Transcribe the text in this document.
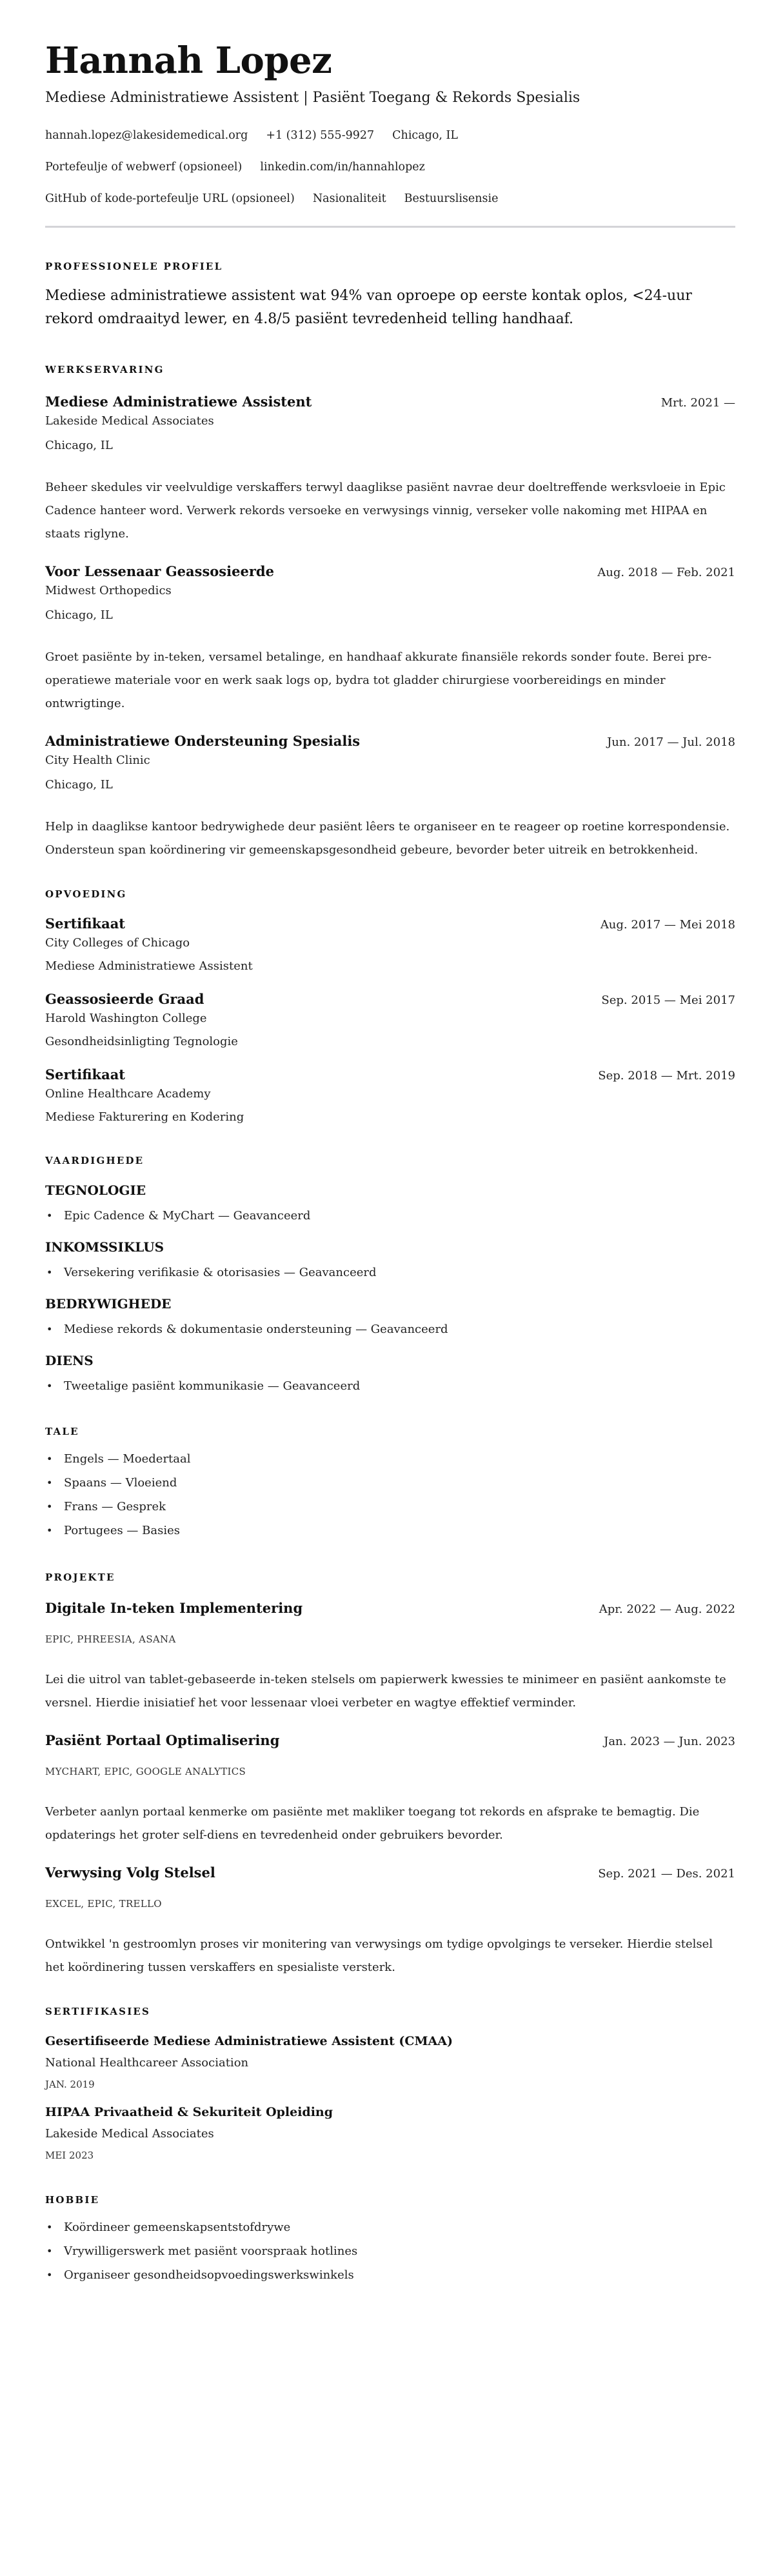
Hannah Lopez
Mediese Administratiewe Assistent | Pasiënt Toegang & Rekords Spesialis
hannah.lopez@lakesidemedical.org +1 (312) 555-9927 Chicago, IL
Portefeulje of webwerf (opsioneel) linkedin.com/in/hannahlopez
GitHub of kode-portefeulje URL (opsioneel) Nasionaliteit Bestuurslisensie
PROFESSIONELE PROFIEL

Mediese administratiewe assistent wat 94% van oproepe op eerste kontak oplos, <24-uur rekord omdraaityd lewer, en 4.8/5 pasiënt tevredenheid telling handhaaf.

WERKSERVARING
Mediese Administratiewe Assistent	Mrt. 2021 —
Lakeside Medical Associates
Chicago, IL

Beheer skedules vir veelvuldige verskaffers terwyl daaglikse pasiënt navrae deur doeltreffende werksvloeie in Epic Cadence hanteer word. Verwerk rekords versoeke en verwysings vinnig, verseker volle nakoming met HIPAA en staats riglyne.

Voor Lessenaar Geassosieerde	Aug. 2018 — Feb. 2021
Midwest Orthopedics
Chicago, IL

Groet pasiënte by in-teken, versamel betalinge, en handhaaf akkurate finansiële rekords sonder foute. Berei pre-operatiewe materiale voor en werk saak logs op, bydra tot gladder chirurgiese voorbereidings en minder ontwrigtinge.

Administratiewe Ondersteuning Spesialis	Jun. 2017 — Jul. 2018
City Health Clinic
Chicago, IL

Help in daaglikse kantoor bedrywighede deur pasiënt lêers te organiseer en te reageer op roetine korrespondensie. Ondersteun span koördinering vir gemeenskapsgesondheid gebeure, bevorder beter uitreik en betrokkenheid.

OPVOEDING
Sertifikaat	Aug. 2017 — Mei 2018
City Colleges of Chicago
Mediese Administratiewe Assistent
Geassosieerde Graad	Sep. 2015 — Mei 2017
Harold Washington College
Gesondheidsinligting Tegnologie
Sertifikaat	Sep. 2018 — Mrt. 2019
Online Healthcare Academy
Mediese Fakturering en Kodering
VAARDIGHEDE
TEGNOLOGIE
• Epic Cadence & MyChart — Geavanceerd
INKOMSSIKLUS
• Versekering verifikasie & otorisasies — Geavanceerd
BEDRYWIGHEDE
• Mediese rekords & dokumentasie ondersteuning — Geavanceerd
DIENS
• Tweetalige pasiënt kommunikasie — Geavanceerd
TALE
• Engels — Moedertaal
• Spaans — Vloeiend
• Frans — Gesprek
• Portugees — Basies
PROJEKTE
Digitale In-teken Implementering	Apr. 2022 — Aug. 2022
EPIC, PHREESIA, ASANA

Lei die uitrol van tablet-gebaseerde in-teken stelsels om papierwerk kwessies te minimeer en pasiënt aankomste te versnel. Hierdie inisiatief het voor lessenaar vloei verbeter en wagtye effektief verminder.

Pasiënt Portaal Optimalisering	Jan. 2023 — Jun. 2023
MYCHART, EPIC, GOOGLE ANALYTICS

Verbeter aanlyn portaal kenmerke om pasiënte met makliker toegang tot rekords en afsprake te bemagtig. Die opdaterings het groter self-diens en tevredenheid onder gebruikers bevorder.

Verwysing Volg Stelsel	Sep. 2021 — Des. 2021
EXCEL, EPIC, TRELLO

Ontwikkel 'n gestroomlyn proses vir monitering van verwysings om tydige opvolgings te verseker. Hierdie stelsel het koördinering tussen verskaffers en spesialiste versterk.

SERTIFIKASIES
Gesertifiseerde Mediese Administratiewe Assistent (CMAA)
National Healthcareer Association
JAN. 2019
HIPAA Privaatheid & Sekuriteit Opleiding
Lakeside Medical Associates
MEI 2023
HOBBIE
• Koördineer gemeenskapsentstofdrywe
• Vrywilligerswerk met pasiënt voorspraak hotlines
• Organiseer gesondheidsopvoedingswerkswinkels
